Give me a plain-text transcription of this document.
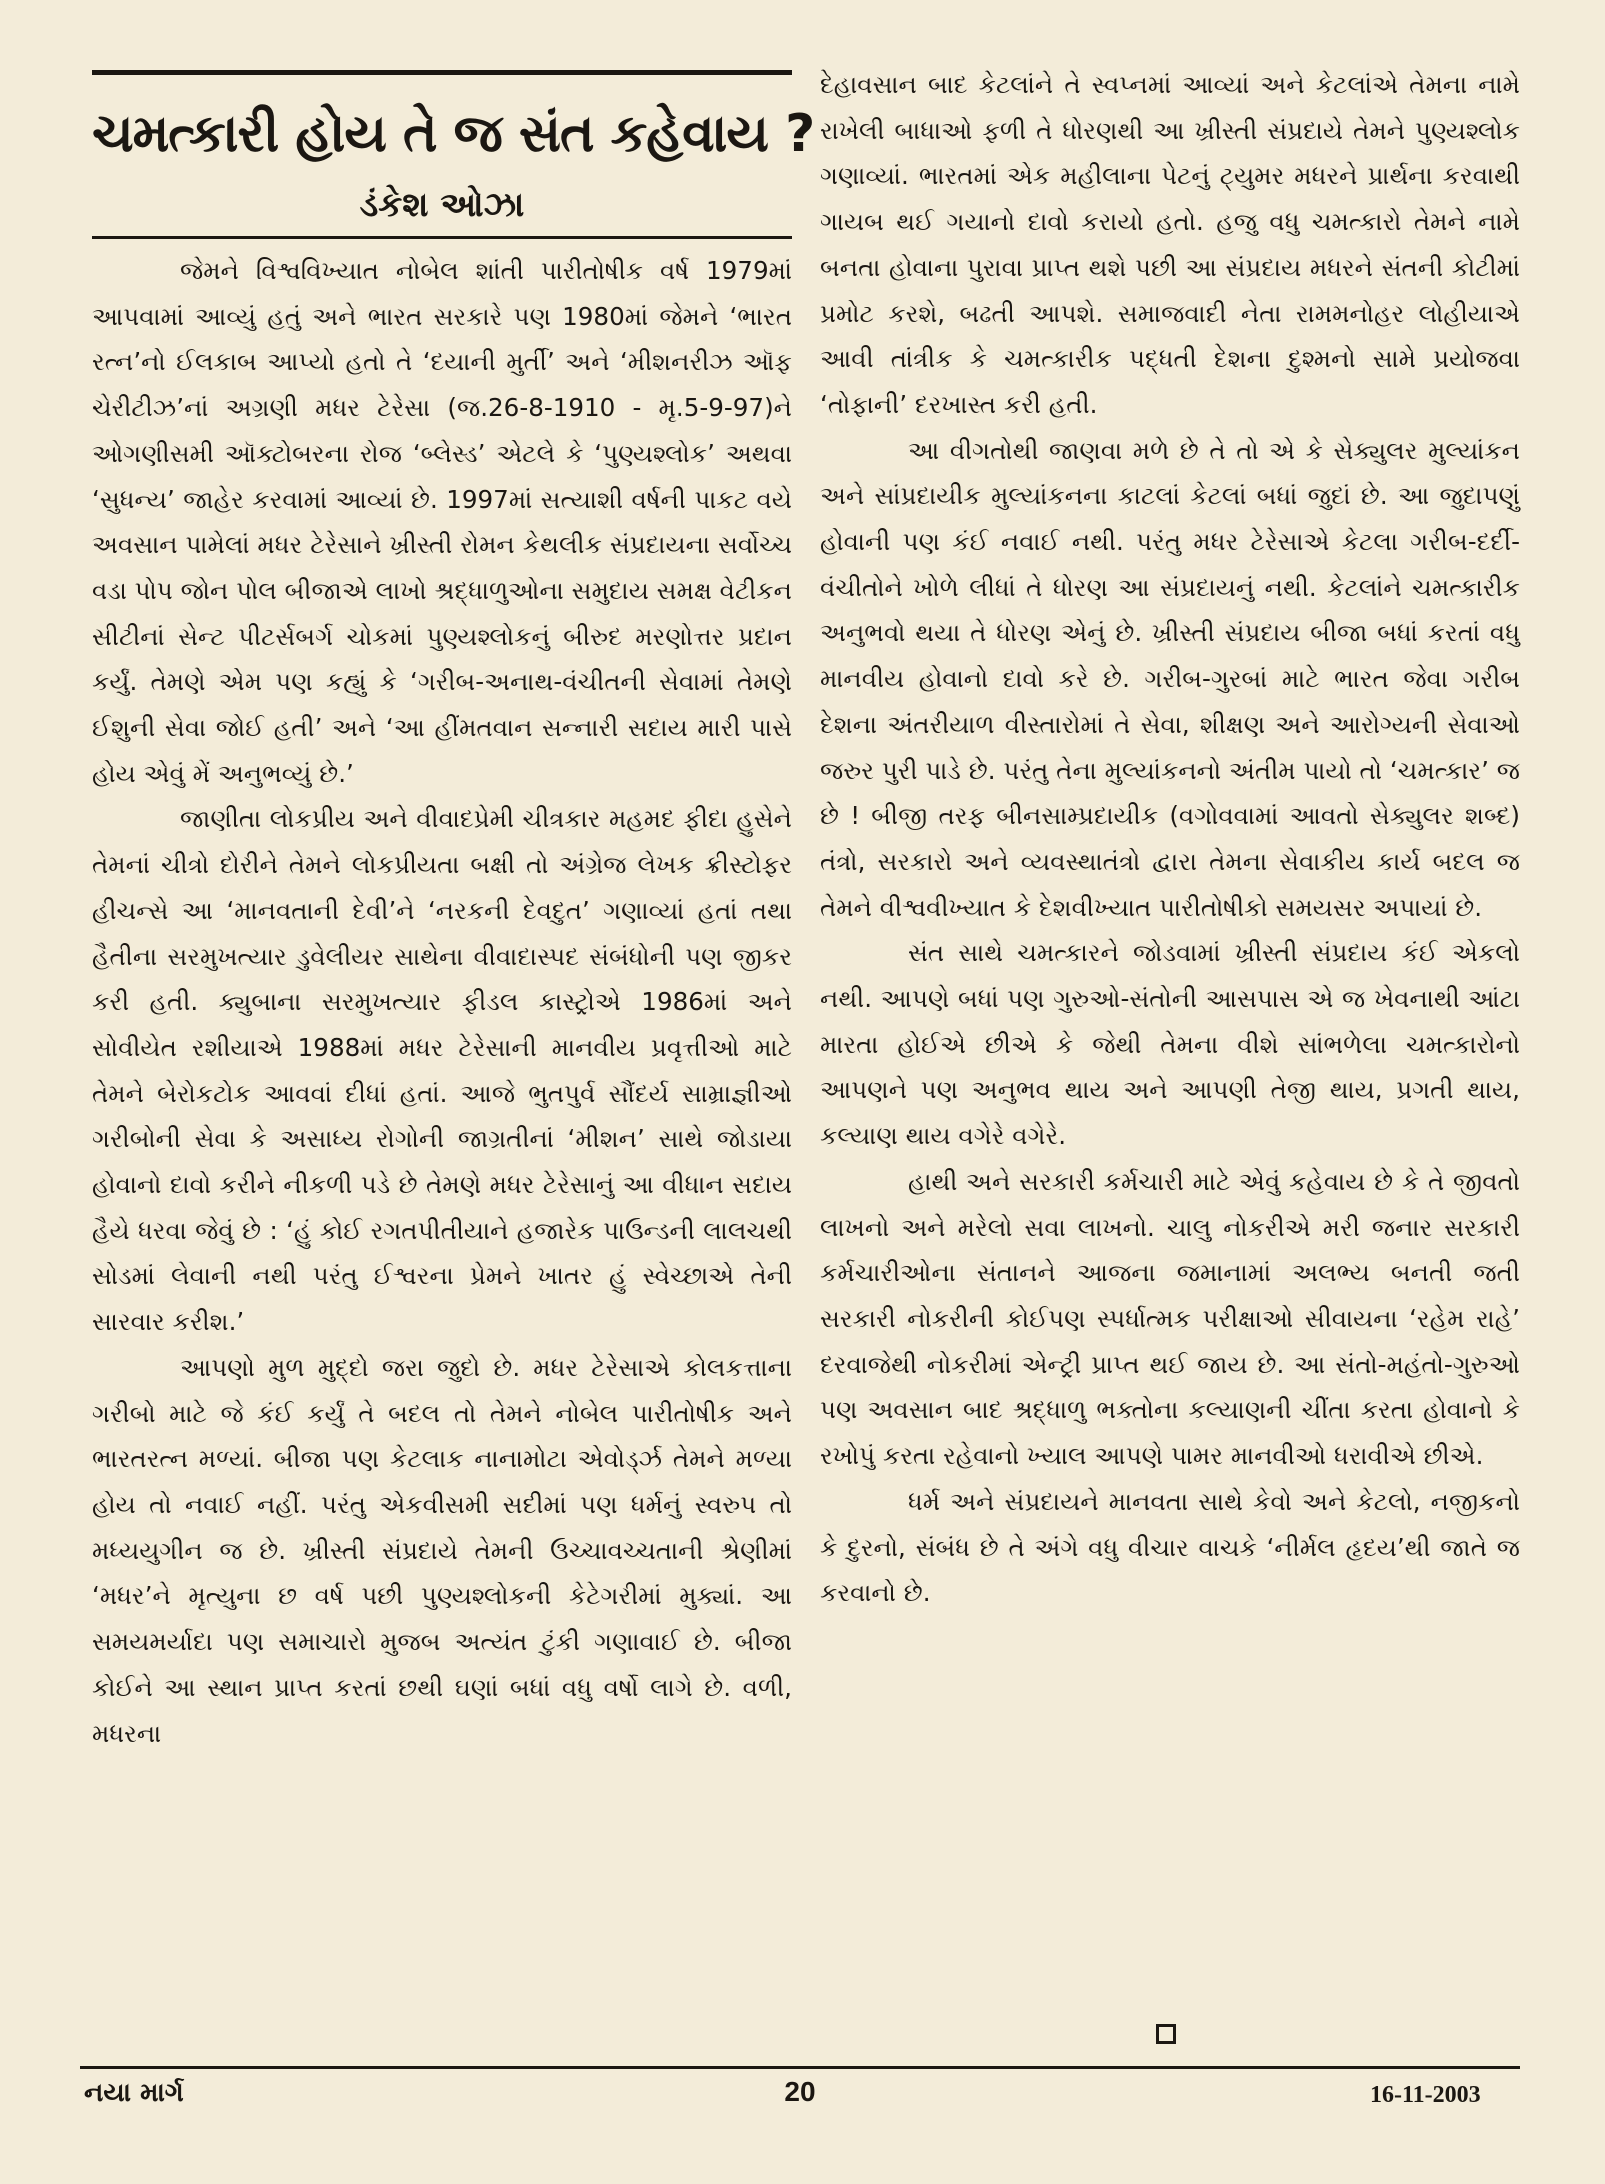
ચમત્કારી હોય તે જ સંત કહેવાય ?
ડંકેશ ઓઝા

જેમને વિશ્વવિખ્યાત નોબેલ શાંતી પારીતોષીક વર્ષ 1979માં આપવામાં આવ્યું હતું અને ભારત સરકારે પણ 1980માં જેમને ‘ભારત રત્ન’નો ઈલકાબ આપ્યો હતો તે ‘દયાની મુર્તી’ અને ‘મીશનરીઝ ઑફ ચેરીટીઝ’નાં અગ્રણી મધર ટેરેસા (જ.26-8-1910 - મૃ.5-9-97)ને ઓગણીસમી ઑક્ટોબરના રોજ ‘બ્લેસ્ડ’ એટલે કે ‘પુણ્યશ્લોક’ અથવા ‘સુધન્ય’ જાહેર કરવામાં આવ્યાં છે. 1997માં સત્યાશી વર્ષની પાકટ વયે અવસાન પામેલાં મધર ટેરેસાને ખ્રીસ્તી રોમન કેથલીક સંપ્રદાયના સર્વોચ્ચ વડા પોપ જોન પોલ બીજાએ લાખો શ્રદ્ધાળુઓના સમુદાય સમક્ષ વેટીકન સીટીનાં સેન્ટ પીટર્સબર્ગ ચોકમાં પુણ્યશ્લોકનું બીરુદ મરણોત્તર પ્રદાન કર્યું. તેમણે એમ પણ કહ્યું કે ‘ગરીબ-અનાથ-વંચીતની સેવામાં તેમણે ઈશુની સેવા જોઈ હતી’ અને ‘આ હીંમતવાન સન્નારી સદાય મારી પાસે હોય એવું મેં અનુભવ્યું છે.’

જાણીતા લોકપ્રીય અને વીવાદપ્રેમી ચીત્રકાર મહમદ ફીદા હુસેને તેમનાં ચીત્રો દોરીને તેમને લોકપ્રીયતા બક્ષી તો અંગ્રેજ લેખક ક્રીસ્ટોફર હીચન્સે આ ‘માનવતાની દેવી’ને ‘નરકની દેવદુત’ ગણાવ્યાં હતાં તથા હૈતીના સરમુખત્યાર ડુવેલીયર સાથેના વીવાદાસ્પદ સંબંધોની પણ જીકર કરી હતી. ક્યુબાના સરમુખત્યાર ફીડલ કાસ્ટ્રોએ 1986માં અને સોવીયેત રશીયાએ 1988માં મધર ટેરેસાની માનવીય પ્રવૃત્તીઓ માટે તેમને બેરોકટોક આવવાં દીધાં હતાં. આજે ભુતપુર્વ સૌંદર્ય સામ્રાજ્ઞીઓ ગરીબોની સેવા કે અસાધ્ય રોગોની જાગ્રતીનાં ‘મીશન’ સાથે જોડાયા હોવાનો દાવો કરીને નીકળી પડે છે તેમણે મધર ટેરેસાનું આ વીધાન સદાય હૈયે ધરવા જેવું છે : ‘હું કોઈ રગતપીતીયાને હજારેક પાઉન્ડની લાલચથી સોડમાં લેવાની નથી પરંતુ ઈશ્વરના પ્રેમને ખાતર હું સ્વેચ્છાએ તેની સારવાર કરીશ.’

આપણો મુળ મુદ્દો જરા જુદો છે. મધર ટેરેસાએ કોલકત્તાના ગરીબો માટે જે કંઈ કર્યું તે બદલ તો તેમને નોબેલ પારીતોષીક અને ભારતરત્ન મળ્યાં. બીજા પણ કેટલાક નાનામોટા એવોર્ડ્ઝ તેમને મળ્યા હોય તો નવાઈ નહીં. પરંતુ એકવીસમી સદીમાં પણ ધર્મનું સ્વરુપ તો મધ્યયુગીન જ છે. ખ્રીસ્તી સંપ્રદાયે તેમની ઉચ્ચાવચ્ચતાની શ્રેણીમાં ‘મધર’ને મૃત્યુના છ વર્ષ પછી પુણ્યશ્લોકની કેટેગરીમાં મુક્યાં. આ સમયમર્યાદા પણ સમાચારો મુજબ અત્યંત ટુંકી ગણાવાઈ છે. બીજા કોઈને આ સ્થાન પ્રાપ્ત કરતાં છથી ઘણાં બધાં વધુ વર્ષો લાગે છે. વળી, મધરના

દેહાવસાન બાદ કેટલાંને તે સ્વપ્નમાં આવ્યાં અને કેટલાંએ તેમના નામે રાખેલી બાધાઓ ફળી તે ધોરણથી આ ખ્રીસ્તી સંપ્રદાયે તેમને પુણ્યશ્લોક ગણાવ્યાં. ભારતમાં એક મહીલાના પેટનું ટ્યુમર મધરને પ્રાર્થના કરવાથી ગાયબ થઈ ગયાનો દાવો કરાયો હતો. હજુ વધુ ચમત્કારો તેમને નામે બનતા હોવાના પુરાવા પ્રાપ્ત થશે પછી આ સંપ્રદાય મધરને સંતની કોટીમાં પ્રમોટ કરશે, બઢતી આપશે. સમાજવાદી નેતા રામમનોહર લોહીયાએ આવી તાંત્રીક કે ચમત્કારીક પદ્ધતી દેશના દુશ્મનો સામે પ્રયોજવા ‘તોફાની’ દરખાસ્ત કરી હતી.

આ વીગતોથી જાણવા મળે છે તે તો એ કે સેક્યુલર મુલ્યાંકન અને સાંપ્રદાયીક મુલ્યાંકનના કાટલાં કેટલાં બધાં જુદાં છે. આ જુદાપણું હોવાની પણ કંઈ નવાઈ નથી. પરંતુ મધર ટેરેસાએ કેટલા ગરીબ-દર્દી-વંચીતોને ખોળે લીધાં તે ધોરણ આ સંપ્રદાયનું નથી. કેટલાંને ચમત્કારીક અનુભવો થયા તે ધોરણ એનું છે. ખ્રીસ્તી સંપ્રદાય બીજા બધાં કરતાં વધુ માનવીય હોવાનો દાવો કરે છે. ગરીબ-ગુરબાં માટે ભારત જેવા ગરીબ દેશના અંતરીયાળ વીસ્તારોમાં તે સેવા, શીક્ષણ અને આરોગ્યની સેવાઓ જરુર પુરી પાડે છે. પરંતુ તેના મુલ્યાંકનનો અંતીમ પાયો તો ‘ચમત્કાર’ જ છે ! બીજી તરફ બીનસામ્પ્રદાયીક (વગોવવામાં આવતો સેક્યુલર શબ્દ) તંત્રો, સરકારો અને વ્યવસ્થાતંત્રો દ્વારા તેમના સેવાકીય કાર્ય બદલ જ તેમને વીશ્વવીખ્યાત કે દેશવીખ્યાત પારીતોષીકો સમયસર અપાયાં છે.

સંત સાથે ચમત્કારને જોડવામાં ખ્રીસ્તી સંપ્રદાય કંઈ એકલો નથી. આપણે બધાં પણ ગુરુઓ-સંતોની આસપાસ એ જ ખેવનાથી આંટા મારતા હોઈએ છીએ કે જેથી તેમના વીશે સાંભળેલા ચમત્કારોનો આપણને પણ અનુભવ થાય અને આપણી તેજી થાય, પ્રગતી થાય, કલ્યાણ થાય વગેરે વગેરે.

હાથી અને સરકારી કર્મચારી માટે એવું કહેવાય છે કે તે જીવતો લાખનો અને મરેલો સવા લાખનો. ચાલુ નોકરીએ મરી જનાર સરકારી કર્મચારીઓના સંતાનને આજના જમાનામાં અલભ્ય બનતી જતી સરકારી નોકરીની કોઈપણ સ્પર્ધાત્મક પરીક્ષાઓ સીવાયના ‘રહેમ રાહે’ દરવાજેથી નોકરીમાં એન્ટ્રી પ્રાપ્ત થઈ જાય છે. આ સંતો-મહંતો-ગુરુઓ પણ અવસાન બાદ શ્રદ્ધાળુ ભક્તોના કલ્યાણની ચીંતા કરતા હોવાનો કે રખોપું કરતા રહેવાનો ખ્યાલ આપણે પામર માનવીઓ ધરાવીએ છીએ.

ધર્મ અને સંપ્રદાયને માનવતા સાથે કેવો અને કેટલો, નજીકનો કે દુરનો, સંબંધ છે તે અંગે વધુ વીચાર વાચકે ‘નીર્મલ હૃદય’થી જાતે જ કરવાનો છે.

નયા માર્ગ	20	16-11-2003
